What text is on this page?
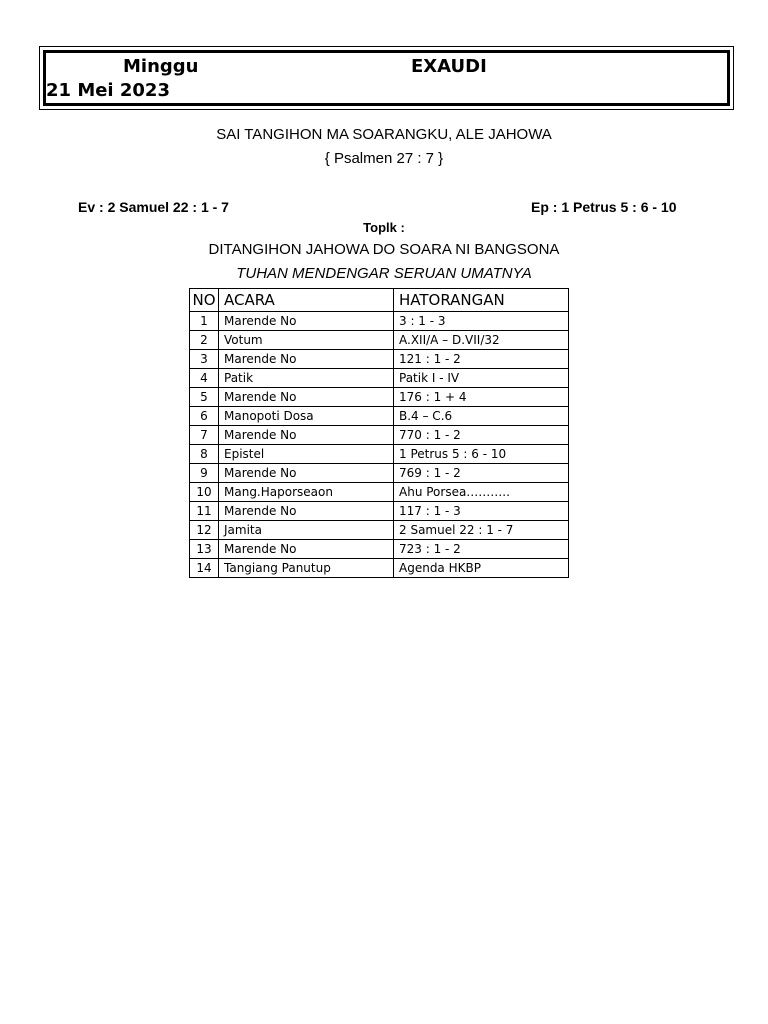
Minggu	EXAUDI
21 Mei 2023
SAI TANGIHON MA SOARANGKU, ALE JAHOWA
{ Psalmen 27 : 7 }
Ev : 2 Samuel 22 : 1 - 7	Ep : 1 Petrus 5 : 6 - 10
Toplk :
DITANGIHON JAHOWA DO SOARA NI BANGSONA
TUHAN MENDENGAR SERUAN UMATNYA
NO	ACARA	HATORANGAN
1	Marende No	3 : 1 - 3
2	Votum	A.XII/A – D.VII/32
3	Marende No	121 : 1 - 2
4	Patik	Patik I - IV
5	Marende No	176 : 1 + 4
6	Manopoti Dosa	B.4 – C.6
7	Marende No	770 : 1 - 2
8	Epistel	1 Petrus 5 : 6 - 10
9	Marende No	769 : 1 - 2
10	Mang.Haporseaon	Ahu Porsea………..
11	Marende No	117 : 1 - 3
12	Jamita	2 Samuel 22 : 1 - 7
13	Marende No	723 : 1 - 2
14	Tangiang Panutup	Agenda HKBP
